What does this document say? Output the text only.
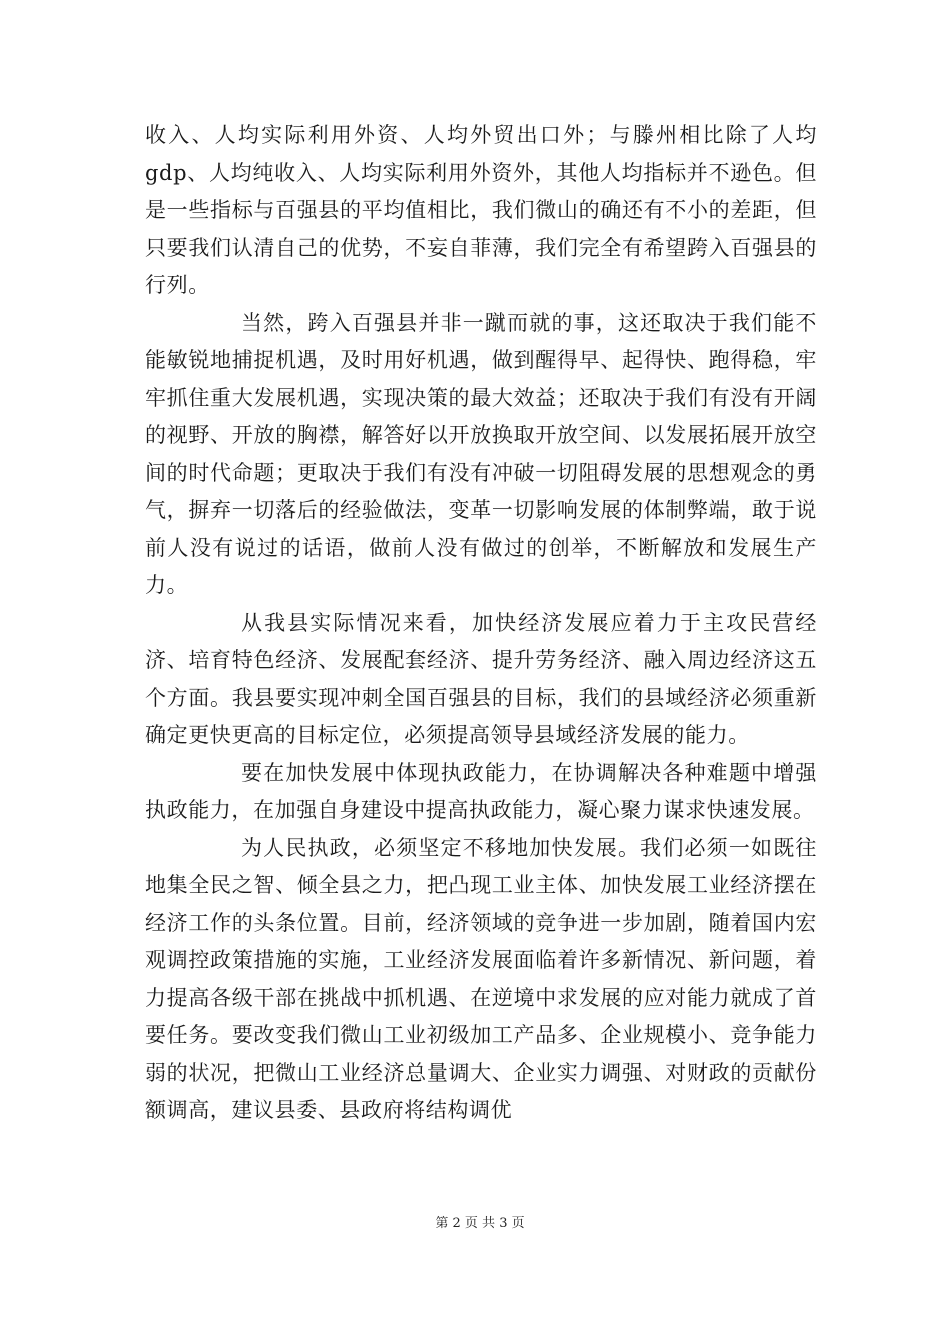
收入、人均实际利用外资、人均外贸出口外；与滕州相比除了人均gdp、人均纯收入、人均实际利用外资外，其他人均指标并不逊色。但是一些指标与百强县的平均值相比，我们微山的确还有不小的差距，但只要我们认清自己的优势，不妄自菲薄，我们完全有希望跨入百强县的行列。

当然，跨入百强县并非一蹴而就的事，这还取决于我们能不能敏锐地捕捉机遇，及时用好机遇，做到醒得早、起得快、跑得稳，牢牢抓住重大发展机遇，实现决策的最大效益；还取决于我们有没有开阔的视野、开放的胸襟，解答好以开放换取开放空间、以发展拓展开放空间的时代命题；更取决于我们有没有冲破一切阻碍发展的思想观念的勇气，摒弃一切落后的经验做法，变革一切影响发展的体制弊端，敢于说前人没有说过的话语，做前人没有做过的创举，不断解放和发展生产力。

从我县实际情况来看，加快经济发展应着力于主攻民营经济、培育特色经济、发展配套经济、提升劳务经济、融入周边经济这五个方面。我县要实现冲刺全国百强县的目标，我们的县域经济必须重新确定更快更高的目标定位，必须提高领导县域经济发展的能力。

要在加快发展中体现执政能力，在协调解决各种难题中增强执政能力，在加强自身建设中提高执政能力，凝心聚力谋求快速发展。

为人民执政，必须坚定不移地加快发展。我们必须一如既往地集全民之智、倾全县之力，把凸现工业主体、加快发展工业经济摆在经济工作的头条位置。目前，经济领域的竞争进一步加剧，随着国内宏观调控政策措施的实施，工业经济发展面临着许多新情况、新问题，着力提高各级干部在挑战中抓机遇、在逆境中求发展的应对能力就成了首要任务。要改变我们微山工业初级加工产品多、企业规模小、竞争能力弱的状况，把微山工业经济总量调大、企业实力调强、对财政的贡献份额调高，建议县委、县政府将结构调优

第 2 页 共 3 页
